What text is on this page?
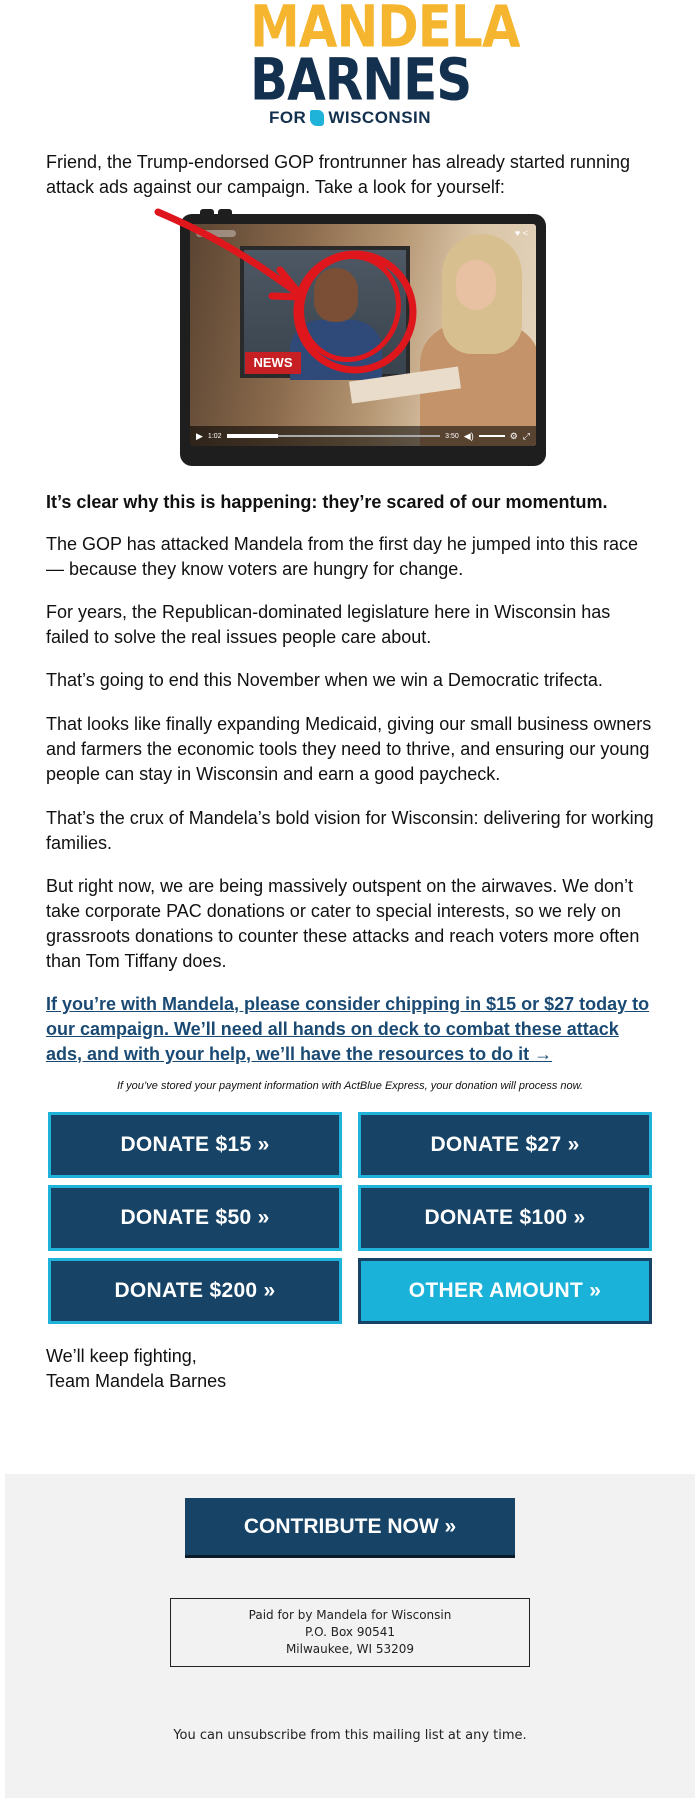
MANDELA
BARNES
FOR WISCONSIN

Friend, the Trump-endorsed GOP frontrunner has already started running attack ads against our campaign. Take a look for yourself:

NEWS
♥ <
▶ 1:02	3:50 ◀)	⚙ ⤢

It’s clear why this is happening: they’re scared of our momentum.

The GOP has attacked Mandela from the first day he jumped into this race — because they know voters are hungry for change.

For years, the Republican-dominated legislature here in Wisconsin has failed to solve the real issues people care about.

That’s going to end this November when we win a Democratic trifecta.

That looks like finally expanding Medicaid, giving our small business owners and farmers the economic tools they need to thrive, and ensuring our young people can stay in Wisconsin and earn a good paycheck.

That’s the crux of Mandela’s bold vision for Wisconsin: delivering for working families.

But right now, we are being massively outspent on the airwaves. We don’t take corporate PAC donations or cater to special interests, so we rely on grassroots donations to counter these attacks and reach voters more often than Tom Tiffany does.

If you’re with Mandela, please consider chipping in $15 or $27 today to our campaign. We’ll need all hands on deck to combat these attack ads, and with your help, we’ll have the resources to do it →

If you’ve stored your payment information with ActBlue Express, your donation will process now.

DONATE $15 »	DONATE $27 »
DONATE $50 »	DONATE $100 »
DONATE $200 »	OTHER AMOUNT »

We’ll keep fighting,

Team Mandela Barnes

CONTRIBUTE NOW »
Paid for by Mandela for Wisconsin
P.O. Box 90541
Milwaukee, WI 53209
You can unsubscribe from this mailing list at any time.
